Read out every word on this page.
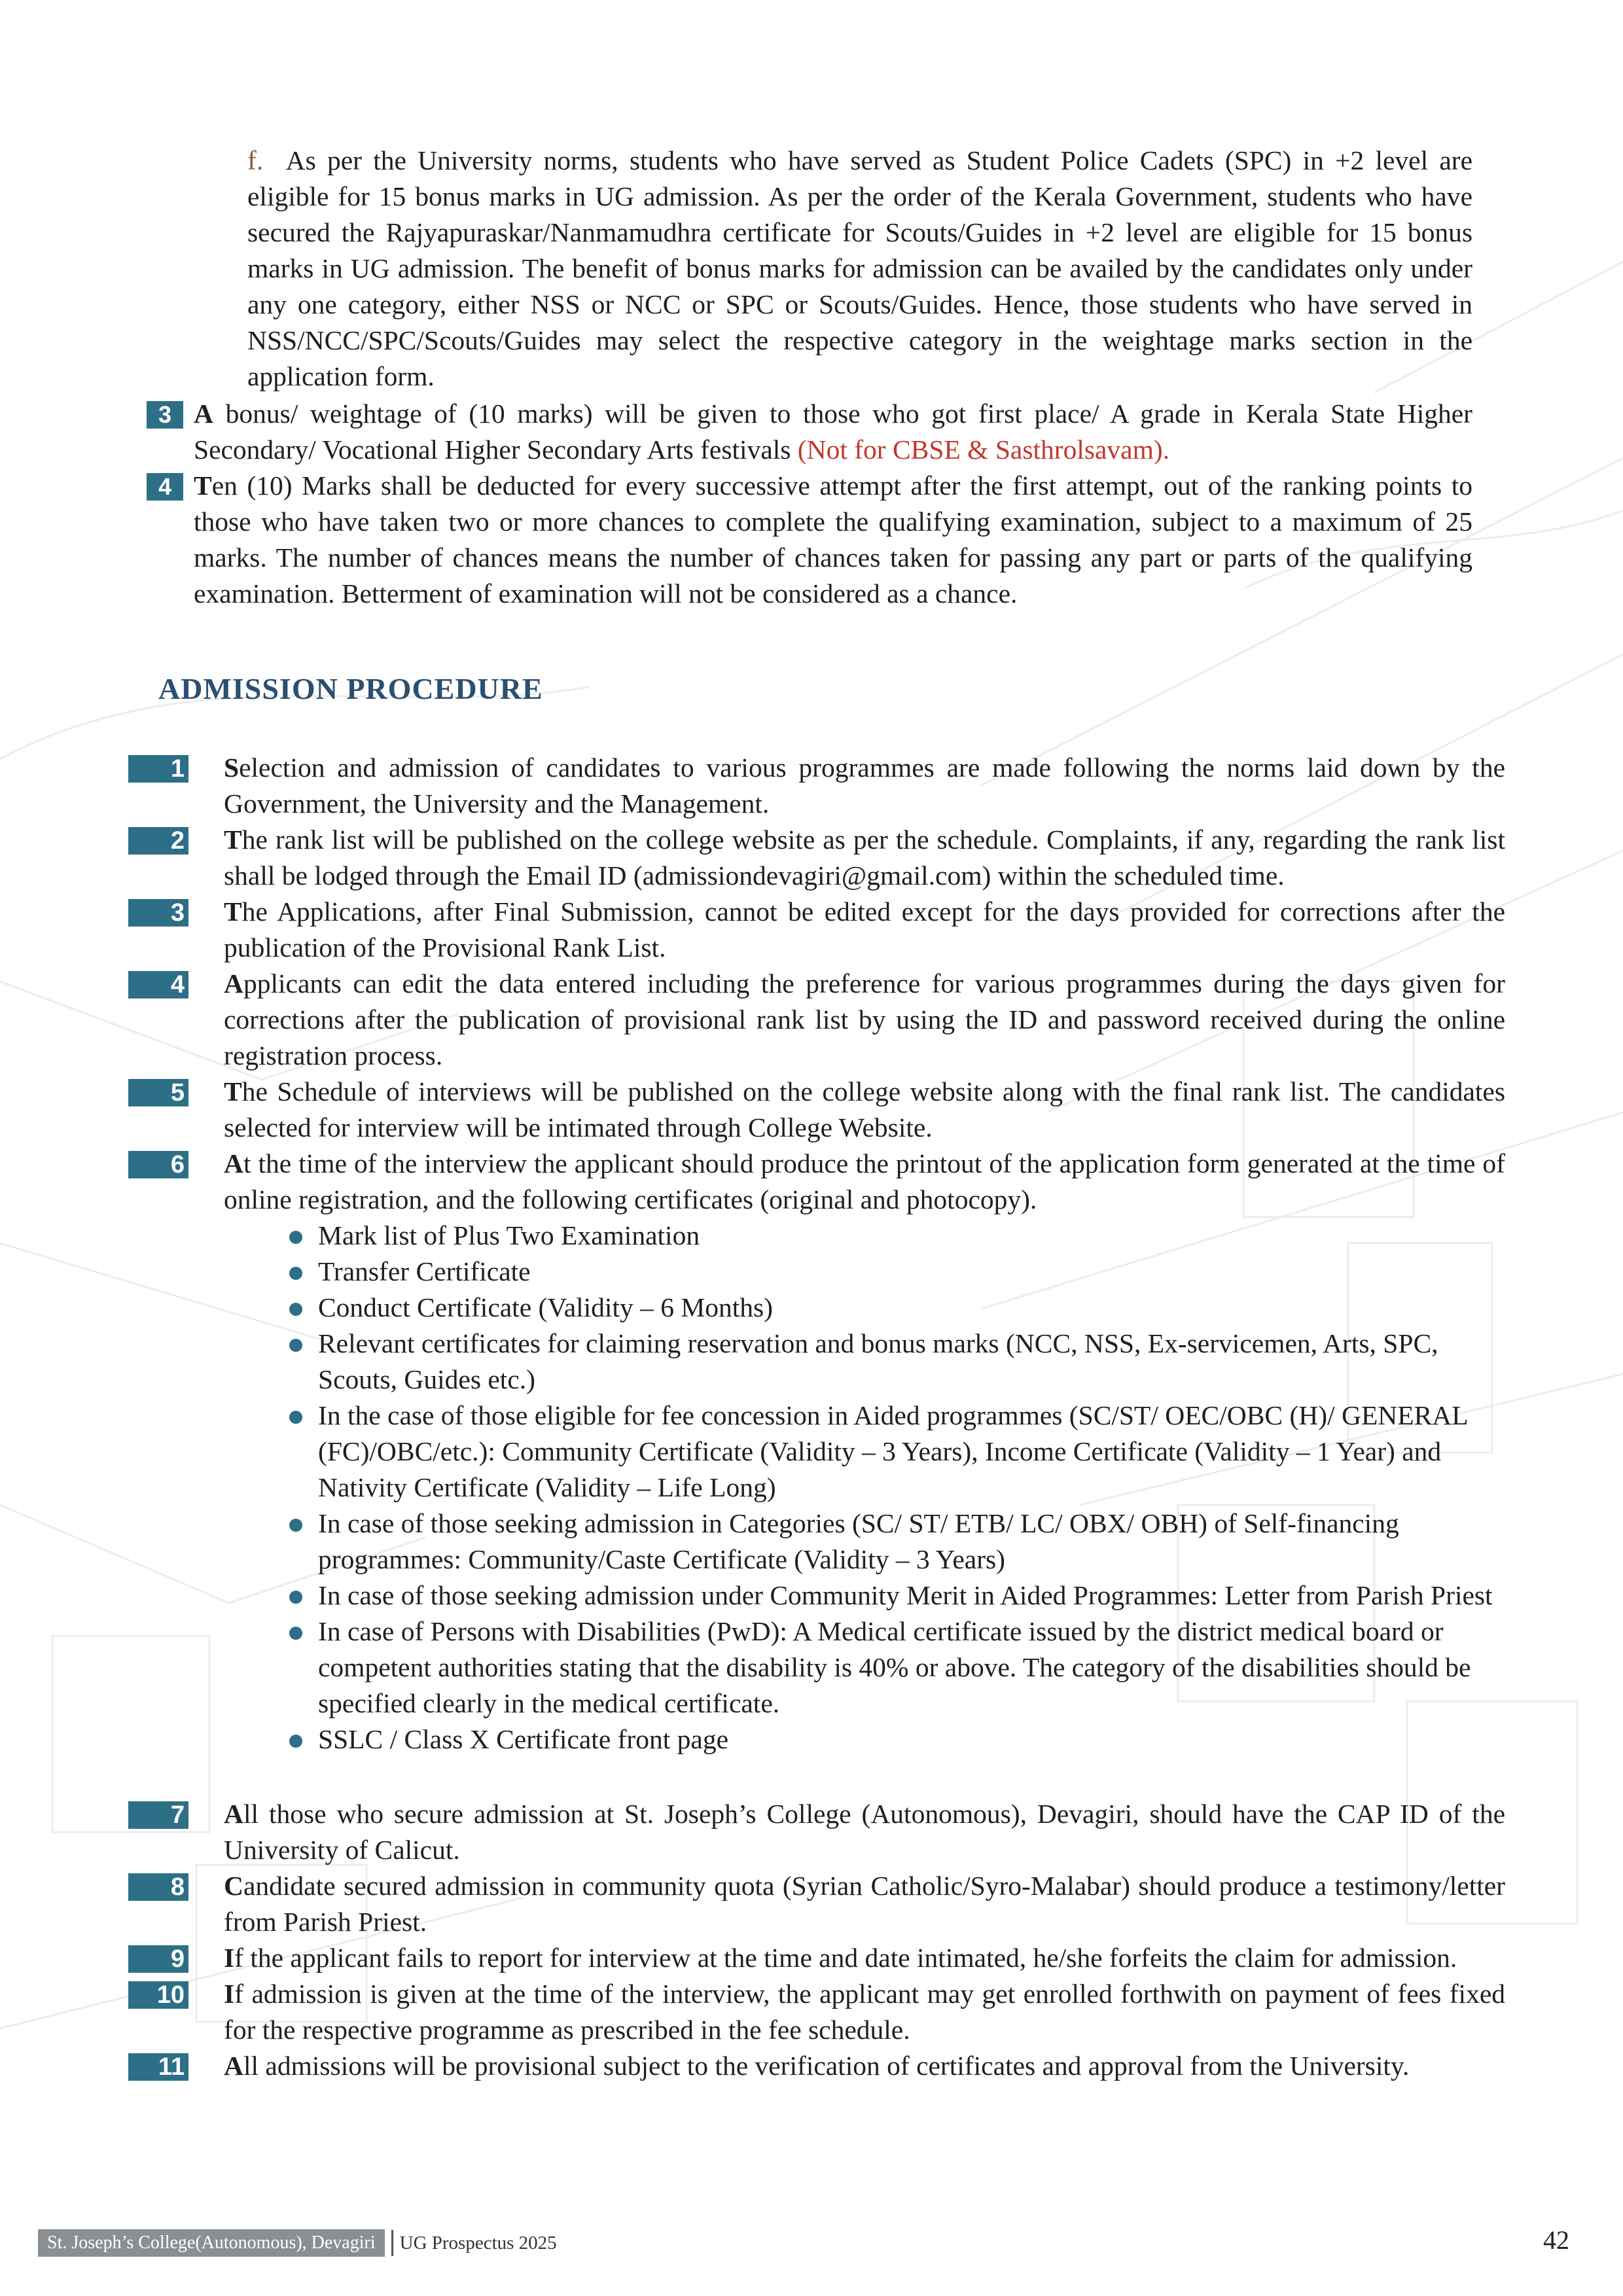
f. As per the University norms, students who have served as Student Police Cadets (SPC) in +2 level are eligible for 15 bonus marks in UG admission. As per the order of the Kerala Government, students who have secured the Rajyapuraskar/Nanmamudhra certificate for Scouts/Guides in +2 level are eligible for 15 bonus marks in UG admission. The benefit of bonus marks for admission can be availed by the candidates only under any one category, either NSS or NCC or SPC or Scouts/Guides. Hence, those students who have served in NSS/NCC/SPC/Scouts/Guides may select the respective category in the weightage marks section in the application form.
3 A bonus/ weightage of (10 marks) will be given to those who got first place/ A grade in Kerala State Higher Secondary/ Vocational Higher Secondary Arts festivals (Not for CBSE & Sasthrolsavam).
4 Ten (10) Marks shall be deducted for every successive attempt after the first attempt, out of the ranking points to those who have taken two or more chances to complete the qualifying examination, subject to a maximum of 25 marks. The number of chances means the number of chances taken for passing any part or parts of the qualifying examination. Betterment of examination will not be considered as a chance.
ADMISSION PROCEDURE
1 Selection and admission of candidates to various programmes are made following the norms laid down by the Government, the University and the Management.
2 The rank list will be published on the college website as per the schedule. Complaints, if any, regarding the rank list shall be lodged through the Email ID (admissiondevagiri@gmail.com) within the scheduled time.
3 The Applications, after Final Submission, cannot be edited except for the days provided for corrections after the publication of the Provisional Rank List.
4 Applicants can edit the data entered including the preference for various programmes during the days given for corrections after the publication of provisional rank list by using the ID and password received during the online registration process.
5 The Schedule of interviews will be published on the college website along with the final rank list. The candidates selected for interview will be intimated through College Website.
6 At the time of the interview the applicant should produce the printout of the application form generated at the time of online registration, and the following certificates (original and photocopy).
Mark list of Plus Two Examination
Transfer Certificate
Conduct Certificate (Validity – 6 Months)
Relevant certificates for claiming reservation and bonus marks (NCC, NSS, Ex-servicemen, Arts, SPC, Scouts, Guides etc.)
In the case of those eligible for fee concession in Aided programmes (SC/ST/ OEC/OBC (H)/ GENERAL (FC)/OBC/etc.): Community Certificate (Validity – 3 Years), Income Certificate (Validity – 1 Year) and Nativity Certificate (Validity – Life Long)
In case of those seeking admission in Categories (SC/ ST/ ETB/ LC/ OBX/ OBH) of Self-financing programmes: Community/Caste Certificate (Validity – 3 Years)
In case of those seeking admission under Community Merit in Aided Programmes: Letter from Parish Priest
In case of Persons with Disabilities (PwD): A Medical certificate issued by the district medical board or competent authorities stating that the disability is 40% or above. The category of the disabilities should be specified clearly in the medical certificate.
SSLC / Class X Certificate front page
7 All those who secure admission at St. Joseph’s College (Autonomous), Devagiri, should have the CAP ID of the University of Calicut.
8 Candidate secured admission in community quota (Syrian Catholic/Syro-Malabar) should produce a testimony/letter from Parish Priest.
9 If the applicant fails to report for interview at the time and date intimated, he/she forfeits the claim for admission.
10 If admission is given at the time of the interview, the applicant may get enrolled forthwith on payment of fees fixed for the respective programme as prescribed in the fee schedule.
11 All admissions will be provisional subject to the verification of certificates and approval from the University.
St. Joseph’s College(Autonomous), Devagiri	UG Prospectus 2025	42
